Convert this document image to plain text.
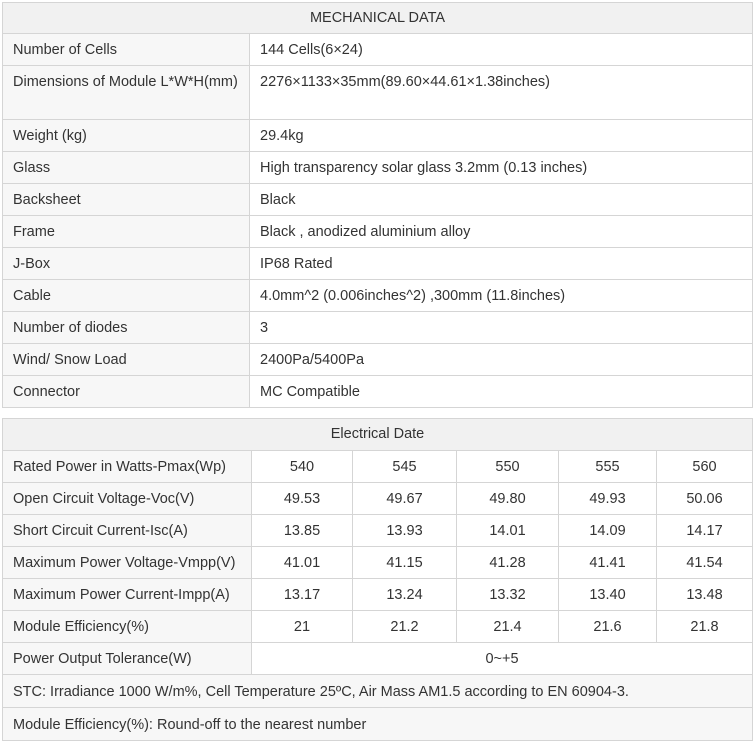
MECHANICAL DATA	
Number of Cells	144 Cells(6×24)
Dimensions of Module L*W*H(mm)	2276×1133×35mm(89.60×44.61×1.38inches)
Weight (kg)	29.4kg
Glass	High transparency solar glass 3.2mm (0.13 inches)
Backsheet	Black
Frame	Black , anodized aluminium alloy
J-Box	IP68 Rated
Cable	4.0mm^2 (0.006inches^2) ,300mm (11.8inches)
Number of diodes	3
Wind/ Snow Load	2400Pa/5400Pa
Connector	MC Compatible
Electrical Date					
Rated Power in Watts-Pmax(Wp)	540	545	550	555	560
Open Circuit Voltage-Voc(V)	49.53	49.67	49.80	49.93	50.06
Short Circuit Current-Isc(A)	13.85	13.93	14.01	14.09	14.17
Maximum Power Voltage-Vmpp(V)	41.01	41.15	41.28	41.41	41.54
Maximum Power Current-Impp(A)	13.17	13.24	13.32	13.40	13.48
Module Efficiency(%)	21	21.2	21.4	21.6	21.8
Power Output Tolerance(W)	0~+5				
STC: Irradiance 1000 W/m%, Cell Temperature 25ºC, Air Mass AM1.5 according to EN 60904-3.					
Module Efficiency(%): Round-off to the nearest number					
